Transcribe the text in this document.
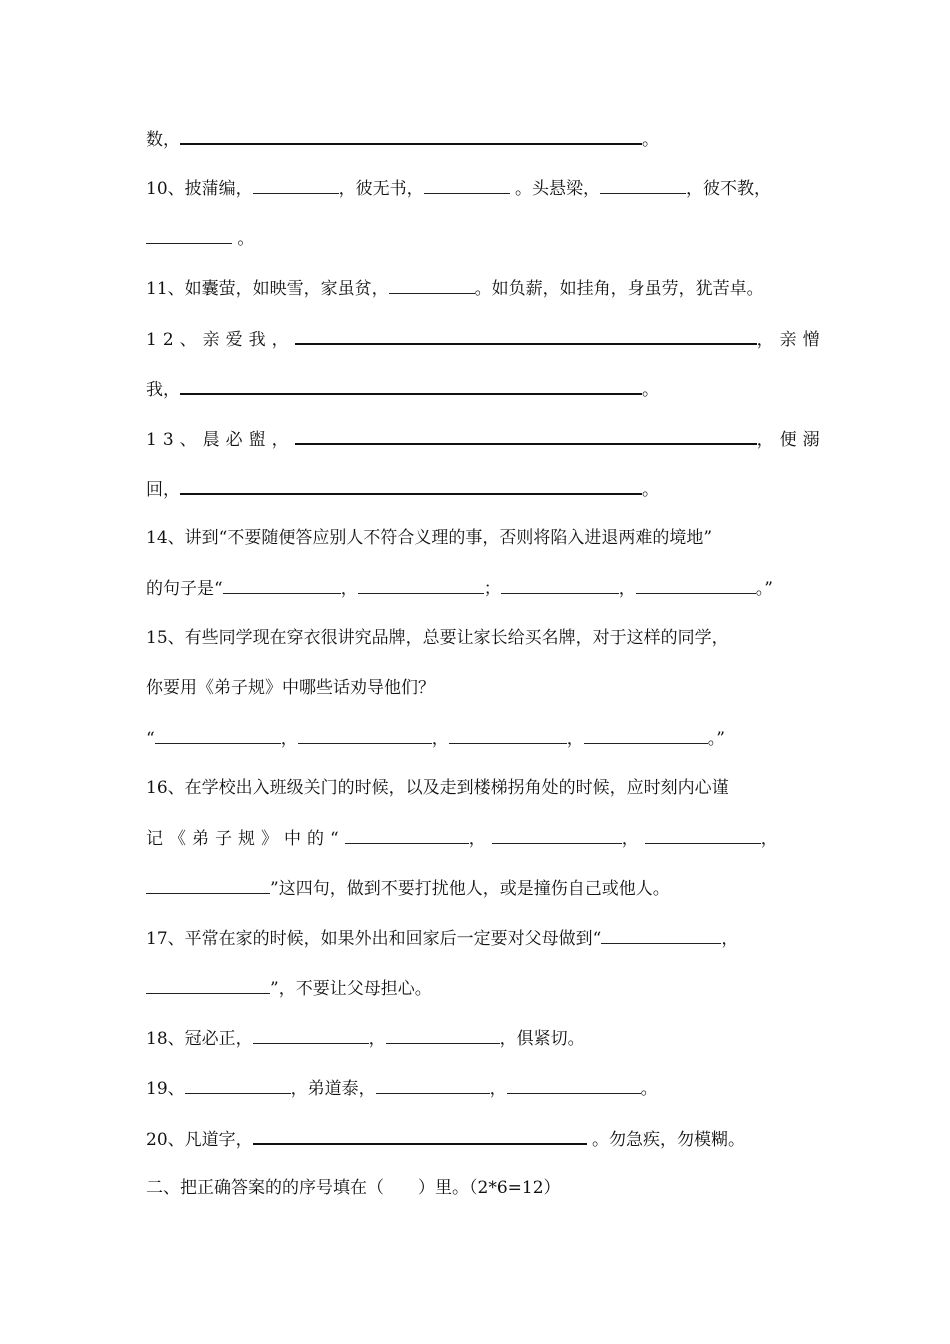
数，	。
10、披蒲编，	，彼无书，	。头悬梁，	，彼不教，
。
11、如囊萤，如映雪，家虽贫，	。如负薪，如挂角，身虽劳，犹苦卓。
12、亲爱我，	，亲憎
我，	。
13、晨必盥，	，便溺
回，	。
14、讲到“不要随便答应别人不符合义理的事，否则将陷入进退两难的境地”
的句子是“	，	；	，	。”
15、有些同学现在穿衣很讲究品牌，总要让家长给买名牌，对于这样的同学，
你要用《弟子规》中哪些话劝导他们？
“	，	，	，	。”
16、在学校出入班级关门的时候，以及走到楼梯拐角处的时候，应时刻内心谨
记《弟子规》中的“	，	，	，
”这四句，做到不要打扰他人，或是撞伤自己或他人。
17、平常在家的时候，如果外出和回家后一定要对父母做到“	，
”，不要让父母担心。
18、冠必正，	，	，俱紧切。
19、	，弟道泰，	，	。
20、凡道字，	。勿急疾，勿模糊。
二、把正确答案的的序号填在（　　）里。（2*6=12）
